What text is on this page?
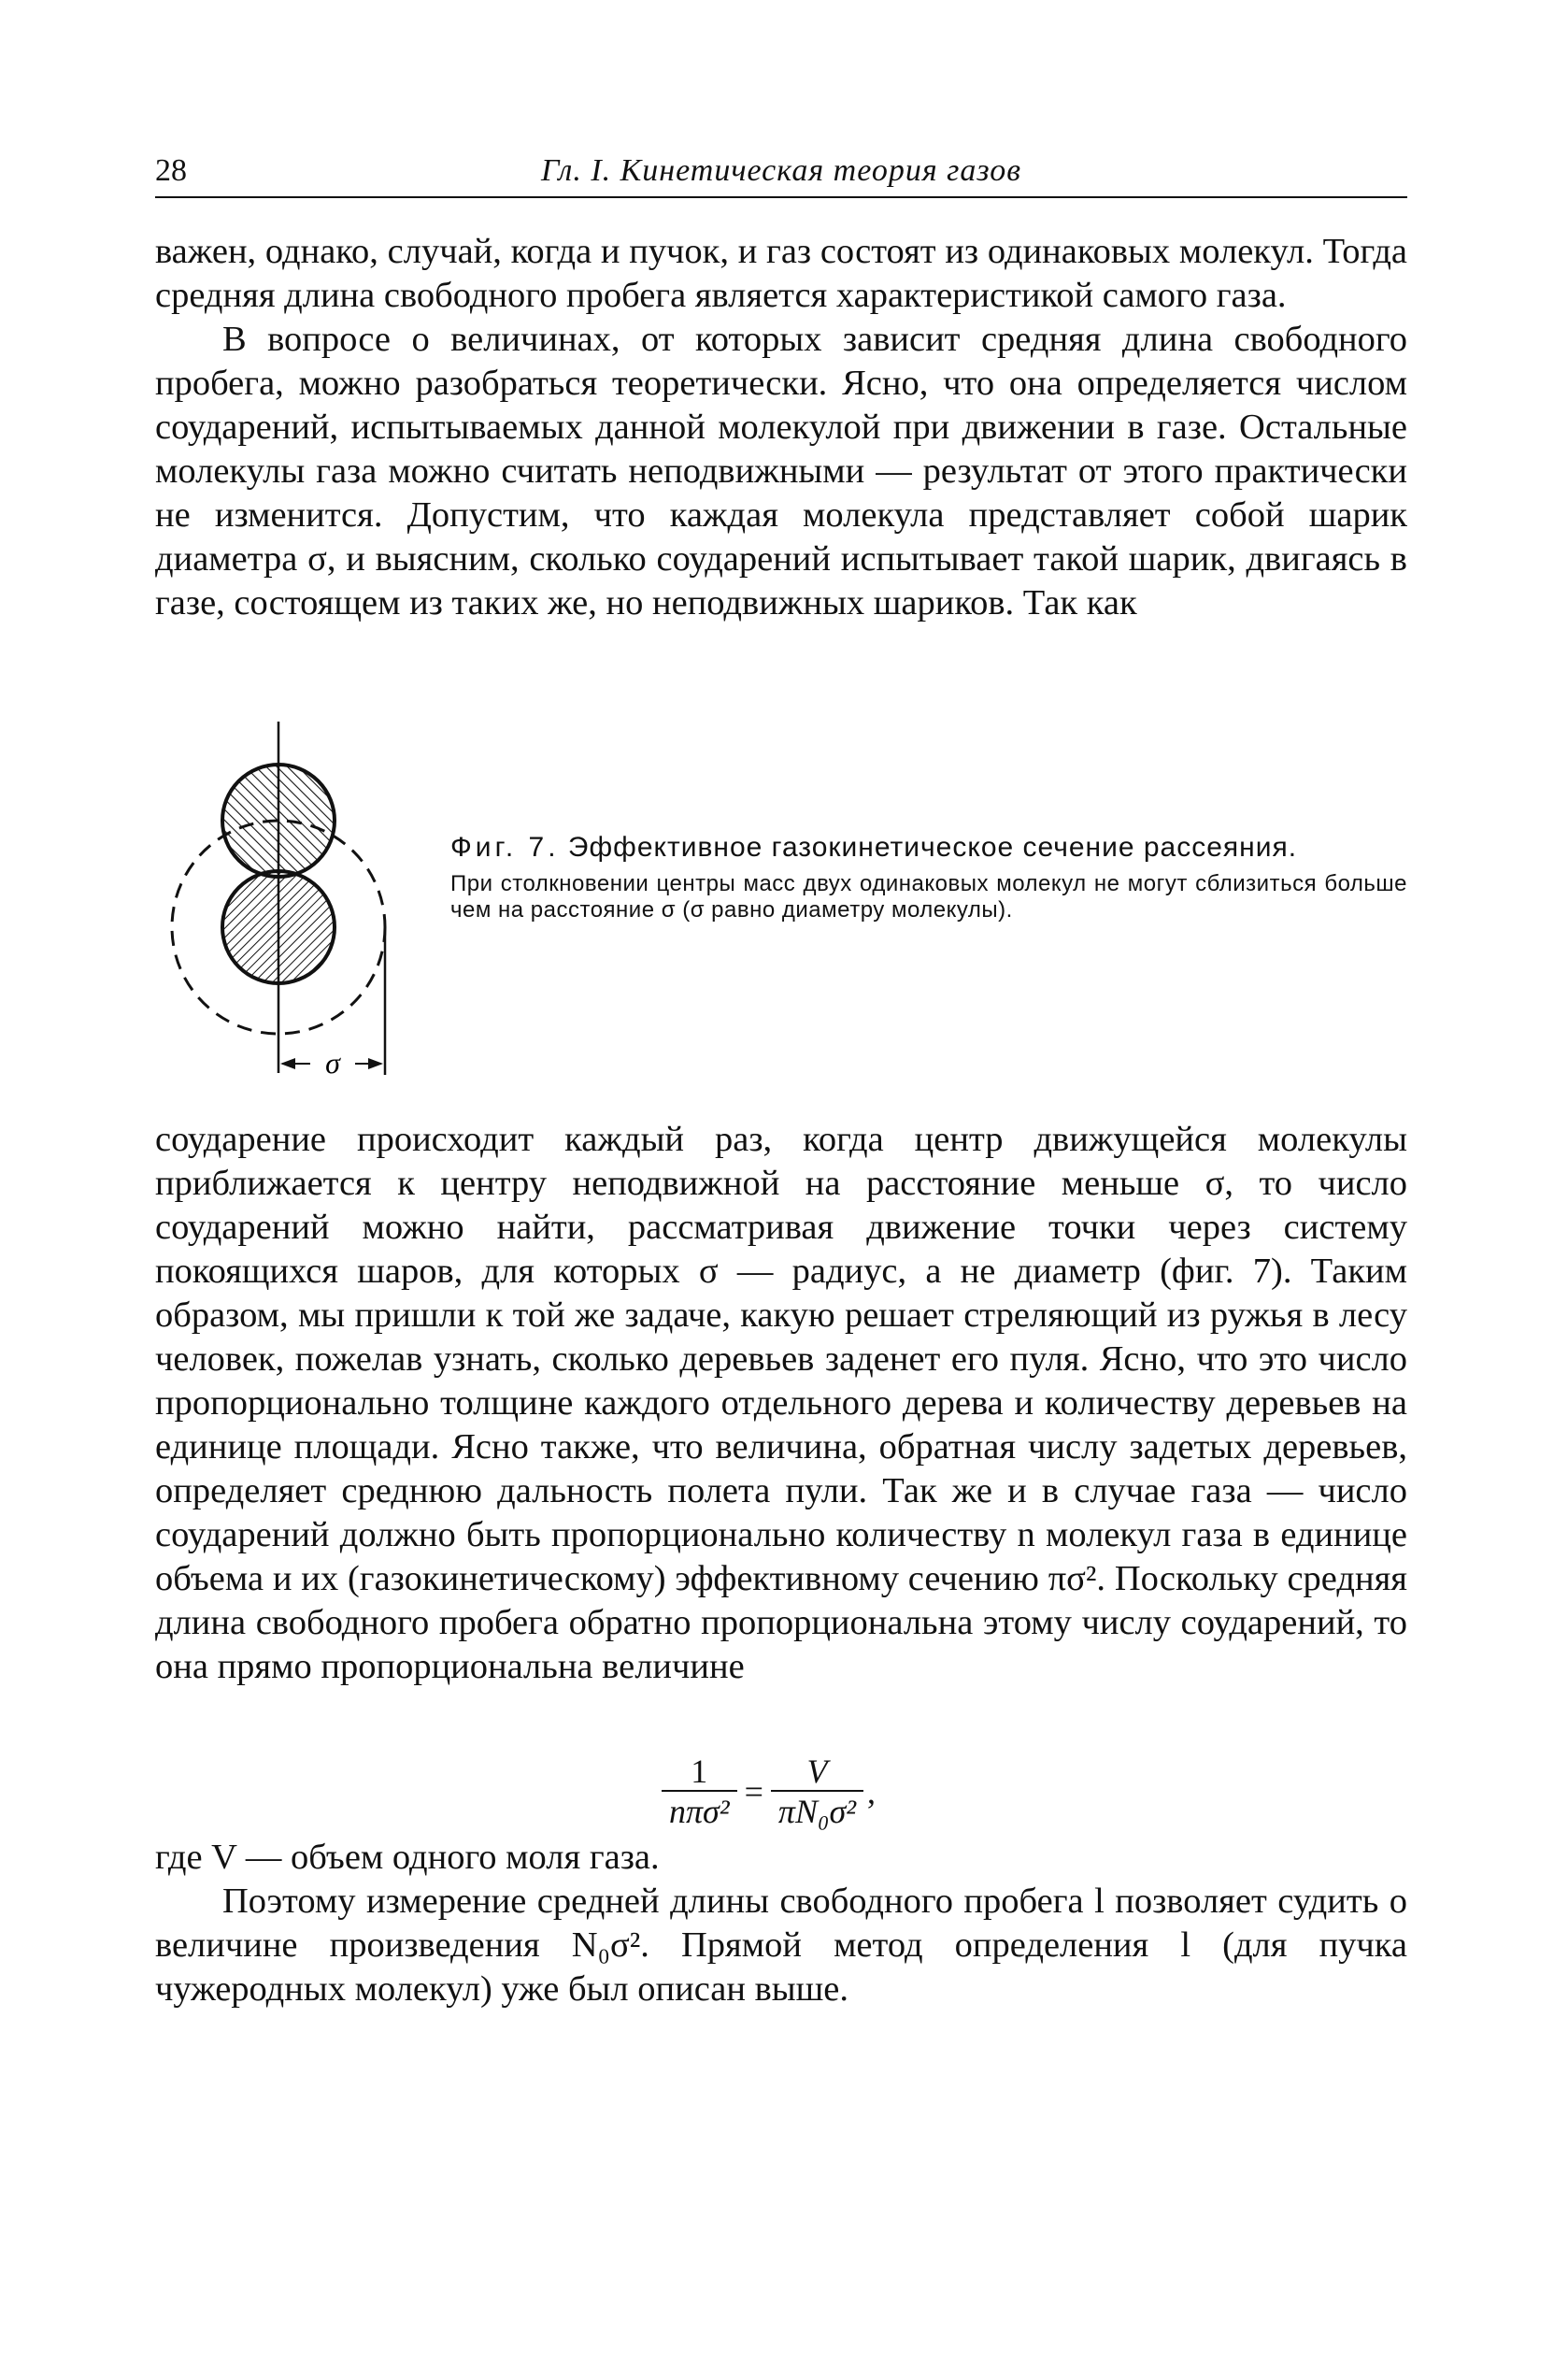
28	Гл. I. Кинетическая теория газов

важен, однако, случай, когда и пучок, и газ состоят из одинаковых молекул. Тогда средняя длина свободного пробега является характеристикой самого газа.

В вопросе о величинах, от которых зависит средняя длина свободного пробега, можно разобраться теоретически. Ясно, что она определяется числом соударений, испытываемых данной молекулой при движении в газе. Остальные молекулы газа можно считать неподвижными — результат от этого практически не изменится. Допустим, что каждая молекула представляет собой шарик диаметра σ, и выясним, сколько соударений испытывает такой шарик, двигаясь в газе, состоящем из таких же, но неподвижных шариков. Так как

σ

Фиг. 7. Эффективное газокинетическое сечение рассеяния.

При столкновении центры масс двух одинаковых молекул не могут сблизиться больше чем на расстояние σ (σ равно диаметру молекулы).

соударение происходит каждый раз, когда центр движущейся молекулы приближается к центру неподвижной на расстояние меньше σ, то число соударений можно найти, рассматривая движение точки через систему покоящихся шаров, для которых σ — радиус, а не диаметр (фиг. 7). Таким образом, мы пришли к той же задаче, какую решает стреляющий из ружья в лесу человек, пожелав узнать, сколько деревьев заденет его пуля. Ясно, что это число пропорционально толщине каждого отдельного дерева и количеству деревьев на единице площади. Ясно также, что величина, обратная числу задетых деревьев, определяет среднюю дальность полета пули. Так же и в случае газа — число соударений должно быть пропорционально количеству n молекул газа в единице объема и их (газокинетическому) эффективному сечению πσ². Поскольку средняя длина свободного пробега обратно пропорциональна этому числу соударений, то она прямо пропорциональна величине

$\frac{1}{\text{nπσ²}} = \frac{V}{\text{πN₀σ²}}$ ,

где V — объем одного моля газа.

Поэтому измерение средней длины свободного пробега l позволяет судить о величине произведения N₀σ². Прямой метод определения l (для пучка чужеродных молекул) уже был описан выше.
